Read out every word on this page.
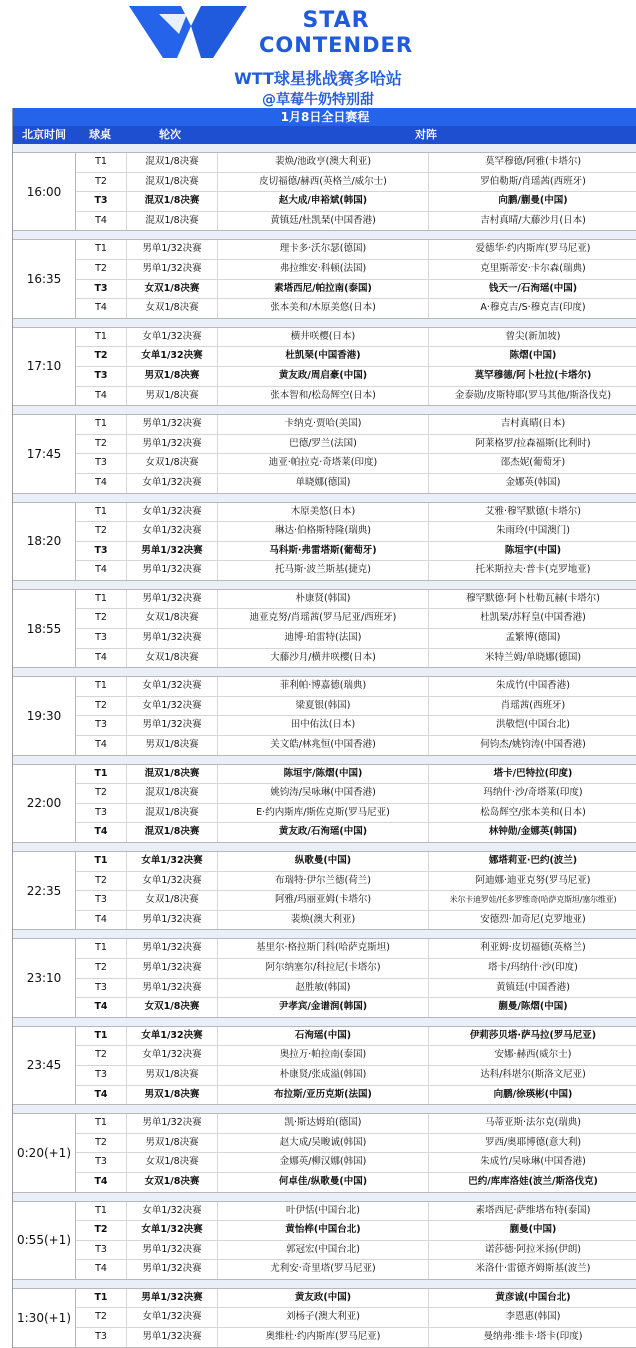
STAR
CONTENDER
WTT球星挑战赛多哈站
@草莓牛奶特别甜
1月8日全日赛程
北京时间	球桌	轮次	对阵
16:00
T1	混双1/8决赛	裴焕/池政亨(澳大利亚)	莫罕穆德/阿雅(卡塔尔)
T2	混双1/8决赛	皮切福德/赫西(英格兰/威尔士)	罗伯勒斯/肖瑶茜(西班牙)
T3	混双1/8决赛	赵大成/申裕斌(韩国)	向鹏/蒯曼(中国)
T4	混双1/8决赛	黄镇廷/杜凯琹(中国香港)	吉村真晴/大藤沙月(日本)
16:35
T1	男单1/32决赛	理卡多·沃尔瑟(德国)	爱德华·约内斯库(罗马尼亚)
T2	男单1/32决赛	弗拉维安·科顿(法国)	克里斯蒂安·卡尔森(瑞典)
T3	女双1/8决赛	素塔西尼/帕拉南(泰国)	钱天一/石洵瑶(中国)
T4	女双1/8决赛	张本美和/木原美悠(日本)	A·穆克吉/S·穆克吉(印度)
17:10
T1	女单1/32决赛	横井咲樱(日本)	曾尖(新加坡)
T2	女单1/32决赛	杜凯琹(中国香港)	陈熠(中国)
T3	男双1/8决赛	黄友政/周启豪(中国)	莫罕穆德/阿卜杜拉(卡塔尔)
T4	男双1/8决赛	张本智和/松岛辉空(日本)	金泰勋/皮斯特耶(罗马其他/斯洛伐克)
17:45
T1	男单1/32决赛	卡纳克·贾哈(美国)	吉村真晴(日本)
T2	男单1/32决赛	巴德/罗兰(法国)	阿莱格罗/拉森福斯(比利时)
T3	女双1/8决赛	迪亚·帕拉克·奇塔莱(印度)	邵杰妮(葡萄牙)
T4	女单1/32决赛	单晓娜(德国)	金娜英(韩国)
18:20
T1	女单1/32决赛	木原美悠(日本)	艾雅·穆罕默德(卡塔尔)
T2	女单1/32决赛	琳达·伯格斯特隆(瑞典)	朱雨玲(中国澳门)
T3	男单1/32决赛	马科斯·弗雷塔斯(葡萄牙)	陈垣宇(中国)
T4	男单1/32决赛	托马斯·波兰斯基(捷克)	托米斯拉夫·普卡(克罗地亚)
18:55
T1	男单1/32决赛	朴康贤(韩国)	穆罕默德·阿卜杜勒瓦赫(卡塔尔)
T2	女双1/8决赛	迪亚克努/肖瑶茜(罗马尼亚/西班牙)	杜凯琹/苏籽皇(中国香港)
T3	男单1/32决赛	迪博·珀雷特(法国)	孟繁博(德国)
T4	女双1/8决赛	大藤沙月/横井咲樱(日本)	米特兰姆/单晓娜(德国)
19:30
T1	女单1/32决赛	菲利帕·博嘉德(瑞典)	朱成竹(中国香港)
T2	女单1/32决赛	梁夏银(韩国)	肖瑶茜(西班牙)
T3	男单1/32决赛	田中佑汰(日本)	洪敬恺(中国台北)
T4	男双1/8决赛	关文皓/林兆恒(中国香港)	何钧杰/姚钧涛(中国香港)
22:00
T1	混双1/8决赛	陈垣宇/陈熠(中国)	塔卡/巴特拉(印度)
T2	混双1/8决赛	姚钧涛/吴咏琳(中国香港)	玛纳什·沙/奇塔莱(印度)
T3	混双1/8决赛	E·约内斯库/斯佐克斯(罗马尼亚)	松岛辉空/张本美和(日本)
T4	混双1/8决赛	黄友政/石洵瑶(中国)	林钟勋/金娜英(韩国)
22:35
T1	女单1/32决赛	纵歌曼(中国)	娜塔莉亚·巴约(波兰)
T2	女单1/32决赛	布瑞特·伊尔兰德(荷兰)	阿迪娜·迪亚克努(罗马尼亚)
T3	女双1/8决赛	阿雅/玛丽亚姆(卡塔尔)	米尔卡迪罗娃/托多罗维奇(哈萨克斯坦/塞尔维亚)
T4	男单1/32决赛	裴焕(澳大利亚)	安德烈·加奇尼(克罗地亚)
23:10
T1	男单1/32决赛	基里尔·格拉斯门科(哈萨克斯坦)	利亚姆·皮切福德(英格兰)
T2	男单1/32决赛	阿尔纳塞尔/科拉尼(卡塔尔)	塔卡/玛纳什·沙(印度)
T3	男单1/32决赛	赵胜敏(韩国)	黄镇廷(中国香港)
T4	女双1/8决赛	尹孝宾/金谱润(韩国)	蒯曼/陈熠(中国)
23:45
T1	女单1/32决赛	石洵瑶(中国)	伊莉莎贝塔·萨马拉(罗马尼亚)
T2	女单1/32决赛	奥拉万·帕拉南(泰国)	安娜·赫西(威尔士)
T3	男双1/8决赛	朴康贤/张成溢(韩国)	达科/科堪尔(斯洛文尼亚)
T4	男双1/8决赛	布拉斯/亚历克斯(法国)	向鹏/徐瑛彬(中国)
0:20(+1)
T1	男单1/32决赛	凯·斯达姆珀(德国)	马蒂亚斯·法尔克(瑞典)
T2	男双1/8决赛	赵大成/吴畯诚(韩国)	罗西/奥耶博德(意大利)
T3	女双1/8决赛	金娜英/柳汉娜(韩国)	朱成竹/吴咏琳(中国香港)
T4	女双1/8决赛	何卓佳/纵歌曼(中国)	巴约/库库洛娃(波兰/斯洛伐克)
0:55(+1)
T1	女单1/32决赛	叶伊恬(中国台北)	素塔西尼·萨维塔布特(泰国)
T2	女单1/32决赛	黄怡桦(中国台北)	蒯曼(中国)
T3	男单1/32决赛	郭冠宏(中国台北)	诺莎德·阿拉米扬(伊朗)
T4	男单1/32决赛	尤利安·奇里塔(罗马尼亚)	米洛什·雷德齐姆斯基(波兰)
1:30(+1)
T1	男单1/32决赛	黄友政(中国)	黄彦诚(中国台北)
T2	女单1/32决赛	刘杨子(澳大利亚)	李恩惠(韩国)
T3	男单1/32决赛	奥维杜·约内斯库(罗马尼亚)	曼纳弗·维卡·塔卡(印度)
